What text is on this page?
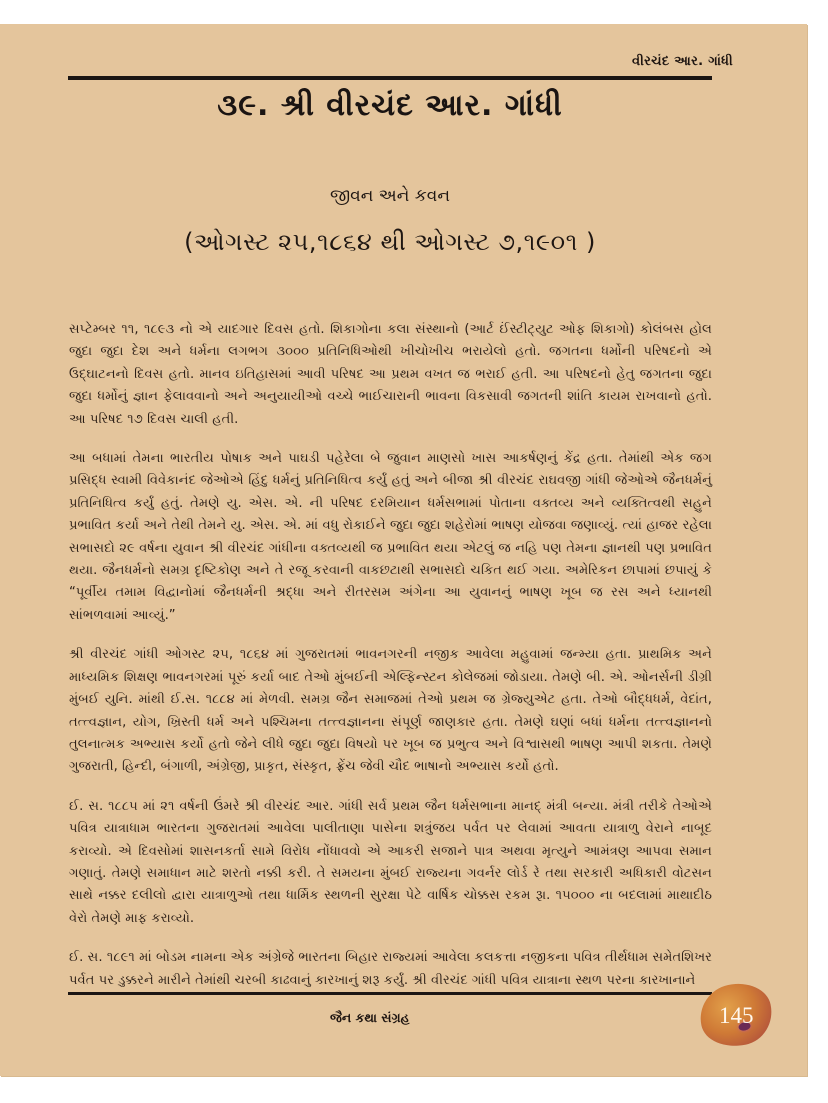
વીરચંદ આર. ગાંધી
૩૯. શ્રી વીરચંદ આર. ગાંધી
જીવન અને કવન
(ઓગસ્ટ ૨૫,૧૮૬૪ થી ઓગસ્ટ ૭,૧૯૦૧ )

સપ્ટેમ્બર ૧૧, ૧૮૯૩ નો એ યાદગાર દિવસ હતો. શિકાગોના કલા સંસ્થાનો (આર્ટ ઈંસ્ટીટ્યુટ ઓફ શિકાગો) કોલંબસ હોલ જુદા જુદા દેશ અને ધર્મના લગભગ ૩૦૦૦ પ્રતિનિધિઓથી ખીચોખીચ ભરાયેલો હતો. જગતના ધર્મોની પરિષદનો એ ઉદ્ઘાટનનો દિવસ હતો. માનવ ઇતિહાસમાં આવી પરિષદ આ પ્રથમ વખત જ ભરાઈ હતી. આ પરિષદનો હેતુ જગતના જુદા જુદા ધર્મોનું જ્ઞાન ફેલાવવાનો અને અનુયાયીઓ વચ્ચે ભાઈચારાની ભાવના વિકસાવી જગતની શાંતિ કાયમ રાખવાનો હતો. આ પરિષદ ૧૭ દિવસ ચાલી હતી.

આ બધામાં તેમના ભારતીય પોષાક અને પાઘડી પહેરેલા બે જુવાન માણસો ખાસ આકર્ષણનું કેંદ્ર હતા. તેમાંથી એક જગ પ્રસિદ્ધ સ્વામી વિવેકાનંદ જેઓએ હિંદુ ધર્મનું પ્રતિનિધિત્વ કર્યું હતું અને બીજા શ્રી વીરચંદ રાઘવજી ગાંધી જેઓએ જૈનધર્મનું પ્રતિનિધિત્વ કર્યું હતું. તેમણે યુ. એસ. એ. ની પરિષદ દરમિયાન ધર્મસભામાં પોતાના વક્તવ્ય અને વ્યક્તિત્વથી સહુને પ્રભાવિત કર્યા અને તેથી તેમને યુ. એસ. એ. માં વધુ રોકાઈને જુદા જુદા શહેરોમાં ભાષણ યોજવા જણાવ્યું. ત્યાં હાજર રહેલા સભાસદો ૨૯ વર્ષના યુવાન શ્રી વીરચંદ ગાંધીના વક્તવ્યથી જ પ્રભાવિત થયા એટલું જ નહિ પણ તેમના જ્ઞાનથી પણ પ્રભાવિત થયા. જૈનધર્મનો સમગ્ર દૃષ્ટિકોણ અને તે રજૂ કરવાની વાકછટાથી સભાસદો ચકિત થઈ ગયા. અમેરિકન છાપામાં છપાયું કે “પૂર્વીય તમામ વિદ્વાનોમાં જૈનધર્મની શ્રદ્ધા અને રીતરસમ અંગેના આ યુવાનનું ભાષણ ખૂબ જ રસ અને ધ્યાનથી સાંભળવામાં આવ્યું.”

શ્રી વીરચંદ ગાંધી ઓગસ્ટ ૨૫, ૧૮૬૪ માં ગુજરાતમાં ભાવનગરની નજીક આવેલા મહુવામાં જન્મ્યા હતા. પ્રાથમિક અને માધ્યમિક શિક્ષણ ભાવનગરમાં પૂરું કર્યા બાદ તેઓ મુંબઈની એલ્ફિન્સ્ટન કોલેજમાં જોડાયા. તેમણે બી. એ. ઓનર્સની ડીગ્રી મુંબઈ યુનિ. માંથી ઈ.સ. ૧૮૮૪ માં મેળવી. સમગ્ર જૈન સમાજમાં તેઓ પ્રથમ જ ગ્રેજ્યુએટ હતા. તેઓ બૌદ્ધધર્મ, વેદાંત, તત્ત્વજ્ઞાન, યોગ, ખ્રિસ્તી ધર્મ અને પશ્ચિમના તત્ત્વજ્ઞાનના સંપૂર્ણ જાણકાર હતા. તેમણે ઘણાં બધાં ધર્મના તત્ત્વજ્ઞાનનો તુલનાત્મક અભ્યાસ કર્યો હતો જેને લીધે જુદા જુદા વિષયો પર ખૂબ જ પ્રભુત્વ અને વિશ્વાસથી ભાષણ આપી શકતા. તેમણે ગુજરાતી, હિન્દી, બંગાળી, અંગ્રેજી, પ્રાકૃત, સંસ્કૃત, ફ્રેંચ જેવી ચૌદ ભાષાનો અભ્યાસ કર્યો હતો.

ઈ. સ. ૧૮૮૫ માં ૨૧ વર્ષની ઉંમરે શ્રી વીરચંદ આર. ગાંધી સર્વ પ્રથમ જૈન ધર્મસભાના માનદ્ મંત્રી બન્યા. મંત્રી તરીકે તેઓએ પવિત્ર યાત્રાધામ ભારતના ગુજરાતમાં આવેલા પાલીતાણા પાસેના શત્રુંજય પર્વત પર લેવામાં આવતા યાત્રાળુ વેરાને નાબૂદ કરાવ્યો. એ દિવસોમાં શાસનકર્તા સામે વિરોધ નોંધાવવો એ આકરી સજાને પાત્ર અથવા મૃત્યુને આમંત્રણ આપવા સમાન ગણાતું. તેમણે સમાધાન માટે શરતો નક્કી કરી. તે સમયના મુંબઈ રાજ્યના ગવર્નર લોર્ડ રે તથા સરકારી અધિકારી વોટસન સાથે નક્કર દલીલો દ્વારા યાત્રાળુઓ તથા ધાર્મિક સ્થળની સુરક્ષા પેટે વાર્ષિક ચોક્કસ રકમ રૂા. ૧૫૦૦૦ ના બદલામાં માથાદીઠ વેરો તેમણે માફ કરાવ્યો.

ઈ. સ. ૧૮૯૧ માં બોડમ નામના એક અંગ્રેજે ભારતના બિહાર રાજ્યમાં આવેલા કલકત્તા નજીકના પવિત્ર તીર્થધામ સમેતશિખર પર્વત પર ડુક્કરને મારીને તેમાંથી ચરબી કાઢવાનું કારખાનું શરૂ કર્યું. શ્રી વીરચંદ ગાંધી પવિત્ર યાત્રાના સ્થળ પરના કારખાનાને

જૈન કથા સંગ્રહ	145
